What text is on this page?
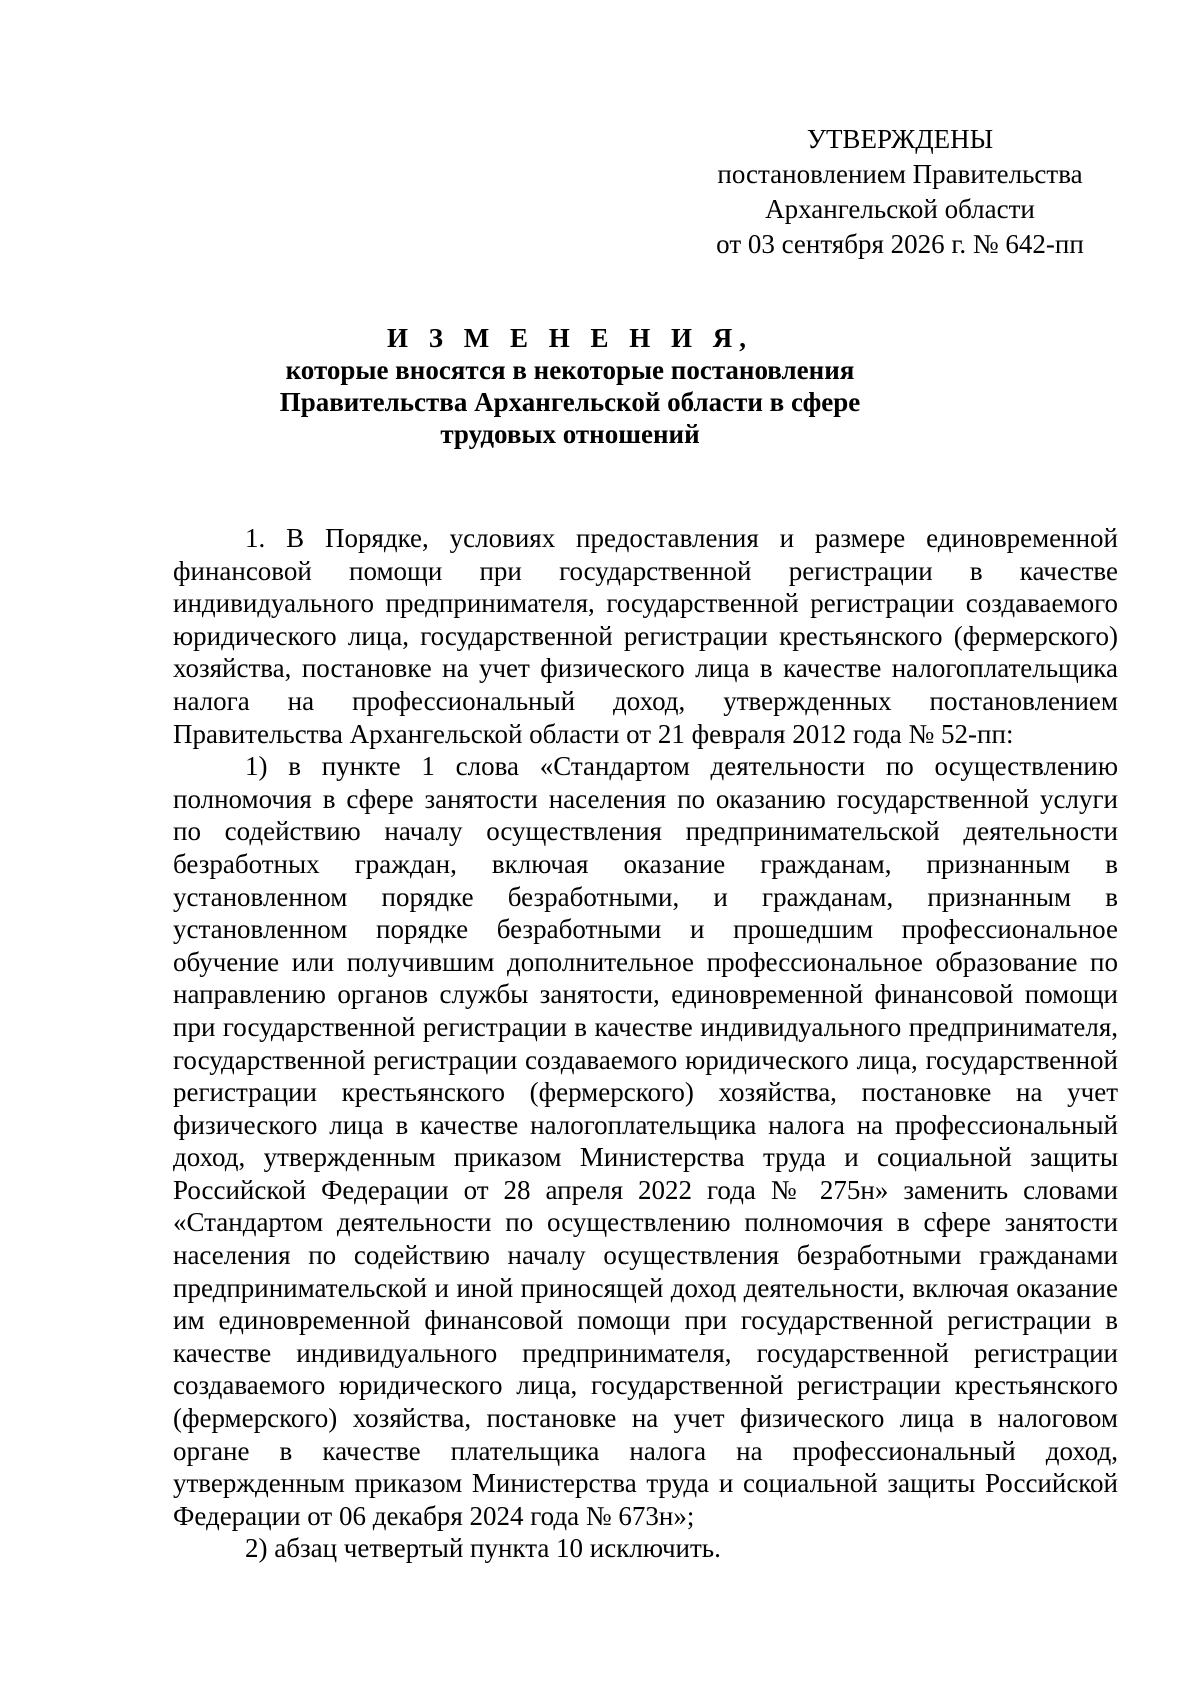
УТВЕРЖДЕНЫ
постановлением Правительства
Архангельской области
от 03 сентября 2026 г. № 642-пп
И З М Е Н Е Н И Я,
которые вносятся в некоторые постановления
Правительства Архангельской области в сфере
трудовых отношений

1. В Порядке, условиях предоставления и размере единовременной финансовой помощи при государственной регистрации в качестве индивидуального предпринимателя, государственной регистрации создаваемого юридического лица, государственной регистрации крестьянского (фермерского) хозяйства, постановке на учет физического лица в качестве налогоплательщика налога на профессиональный доход, утвержденных постановлением Правительства Архангельской области от 21 февраля 2012 года № 52-пп:

1) в пункте 1 слова «Стандартом деятельности по осуществлению полномочия в сфере занятости населения по оказанию государственной услуги по содействию началу осуществления предпринимательской деятельности безработных граждан, включая оказание гражданам, признанным в установленном порядке безработными, и гражданам, признанным в установленном порядке безработными и прошедшим профессиональное обучение или получившим дополнительное профессиональное образование по направлению органов службы занятости, единовременной финансовой помощи при государственной регистрации в качестве индивидуального предпринимателя, государственной регистрации создаваемого юридического лица, государственной регистрации крестьянского (фермерского) хозяйства, постановке на учет физического лица в качестве налогоплательщика налога на профессиональный доход, утвержденным приказом Министерства труда и социальной защиты Российской Федерации от 28 апреля 2022 года № 275н» заменить словами «Стандартом деятельности по осуществлению полномочия в сфере занятости населения по содействию началу осуществления безработными гражданами предпринимательской и иной приносящей доход деятельности, включая оказание им единовременной финансовой помощи при государственной регистрации в качестве индивидуального предпринимателя, государственной регистрации создаваемого юридического лица, государственной регистрации крестьянского (фермерского) хозяйства, постановке на учет физического лица в налоговом органе в качестве плательщика налога на профессиональный доход, утвержденным приказом Министерства труда и социальной защиты Российской Федерации от 06 декабря 2024 года № 673н»;

2) абзац четвертый пункта 10 исключить.
